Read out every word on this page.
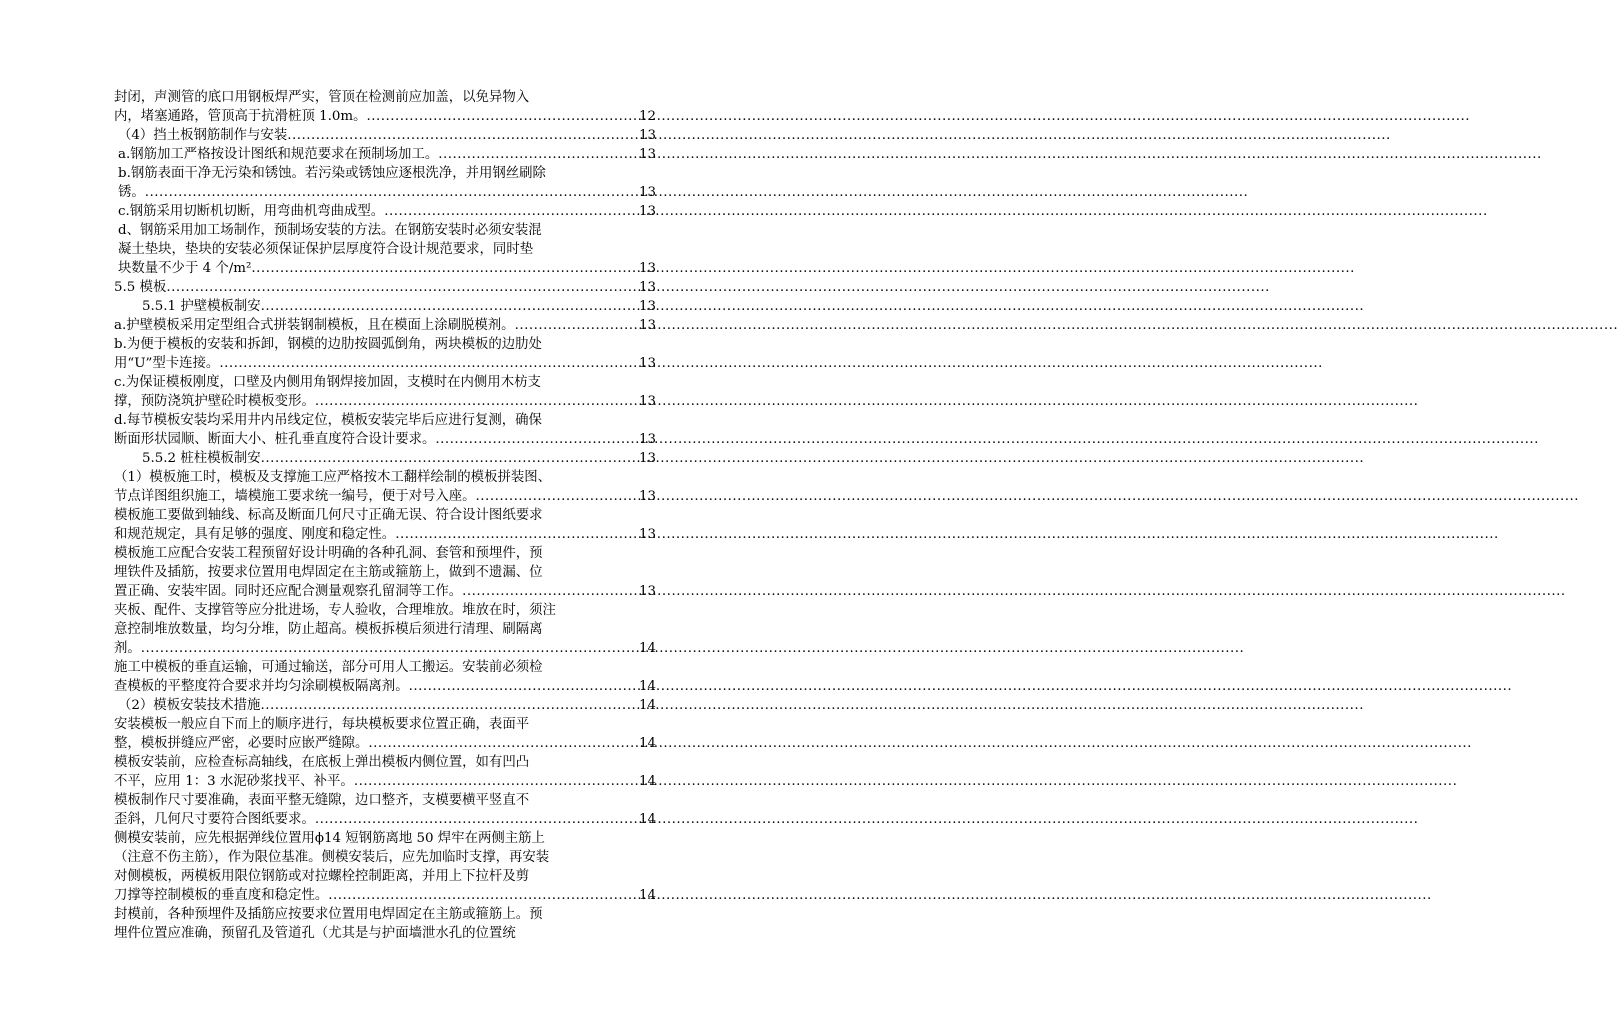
封闭，声测管的底口用钢板焊严实，管顶在检测前应加盖，以免异物入
内，堵塞通路，管顶高于抗滑桩顶 1.0m。 .....	12
（4）挡土板钢筋制作与安装 .....	13
a.钢筋加工严格按设计图纸和规范要求在预制场加工。 .....	13
b.钢筋表面干净无污染和锈蚀。若污染或锈蚀应逐根洗净，并用钢丝刷除
锈。 .....	13
c.钢筋采用切断机切断，用弯曲机弯曲成型。 .....	13
d、钢筋采用加工场制作，预制场安装的方法。在钢筋安装时必须安装混
凝土垫块，垫块的安装必须保证保护层厚度符合设计规范要求，同时垫
块数量不少于 4 个/m² .....	13
5.5 模板 .....	13
5.5.1 护壁模板制安 .....	13
a.护壁模板采用定型组合式拼装钢制模板，且在模面上涂刷脱模剂。 .....	13
b.为便于模板的安装和拆卸，钢模的边肋按圆弧倒角，两块模板的边肋处
用“U”型卡连接。 .....	13
c.为保证模板刚度，口壁及内侧用角钢焊接加固，支模时在内侧用木枋支
撑，预防浇筑护壁砼时模板变形。 .....	13
d.每节模板安装均采用井内吊线定位，模板安装完毕后应进行复测，确保
断面形状园顺、断面大小、桩孔垂直度符合设计要求。 .....	13
5.5.2 桩柱模板制安 .....	13
（1）模板施工时，模板及支撑施工应严格按木工翻样绘制的模板拼装图、
节点详图组织施工，墙模施工要求统一编号，便于对号入座。 .....	13
模板施工要做到轴线、标高及断面几何尺寸正确无误、符合设计图纸要求
和规范规定，具有足够的强度、刚度和稳定性。 .....	13
模板施工应配合安装工程预留好设计明确的各种孔洞、套管和预埋件，预
埋铁件及插筋，按要求位置用电焊固定在主筋或箍筋上，做到不遗漏、位
置正确、安装牢固。同时还应配合测量观察孔留洞等工作。 .....	13
夹板、配件、支撑管等应分批进场，专人验收，合理堆放。堆放在时，须注
意控制堆放数量，均匀分堆，防止超高。模板拆模后须进行清理、刷隔离
剂。 .....	14
施工中模板的垂直运输，可通过输送，部分可用人工搬运。安装前必须检
查模板的平整度符合要求并均匀涂刷模板隔离剂。 .....	14
（2）模板安装技术措施 .....	14
安装模板一般应自下而上的顺序进行，每块模板要求位置正确，表面平
整，模板拼缝应严密，必要时应嵌严缝隙。 .....	14
模板安装前，应检查标高轴线，在底板上弹出模板内侧位置，如有凹凸
不平，应用 1：3 水泥砂浆找平、补平。 .....	14
模板制作尺寸要准确，表面平整无缝隙，边口整齐，支模要横平竖直不
歪斜，几何尺寸要符合图纸要求。 .....	14
侧模安装前，应先根据弹线位置用ϕ14 短钢筋离地 50 焊牢在两侧主筋上
（注意不伤主筋），作为限位基准。侧模安装后，应先加临时支撑，再安装
对侧模板，两模板用限位钢筋或对拉螺栓控制距离，并用上下拉杆及剪
刀撑等控制模板的垂直度和稳定性。 .....	14
封模前，各种预埋件及插筋应按要求位置用电焊固定在主筋或箍筋上。预
埋件位置应准确，预留孔及管道孔（尤其是与护面墙泄水孔的位置统
